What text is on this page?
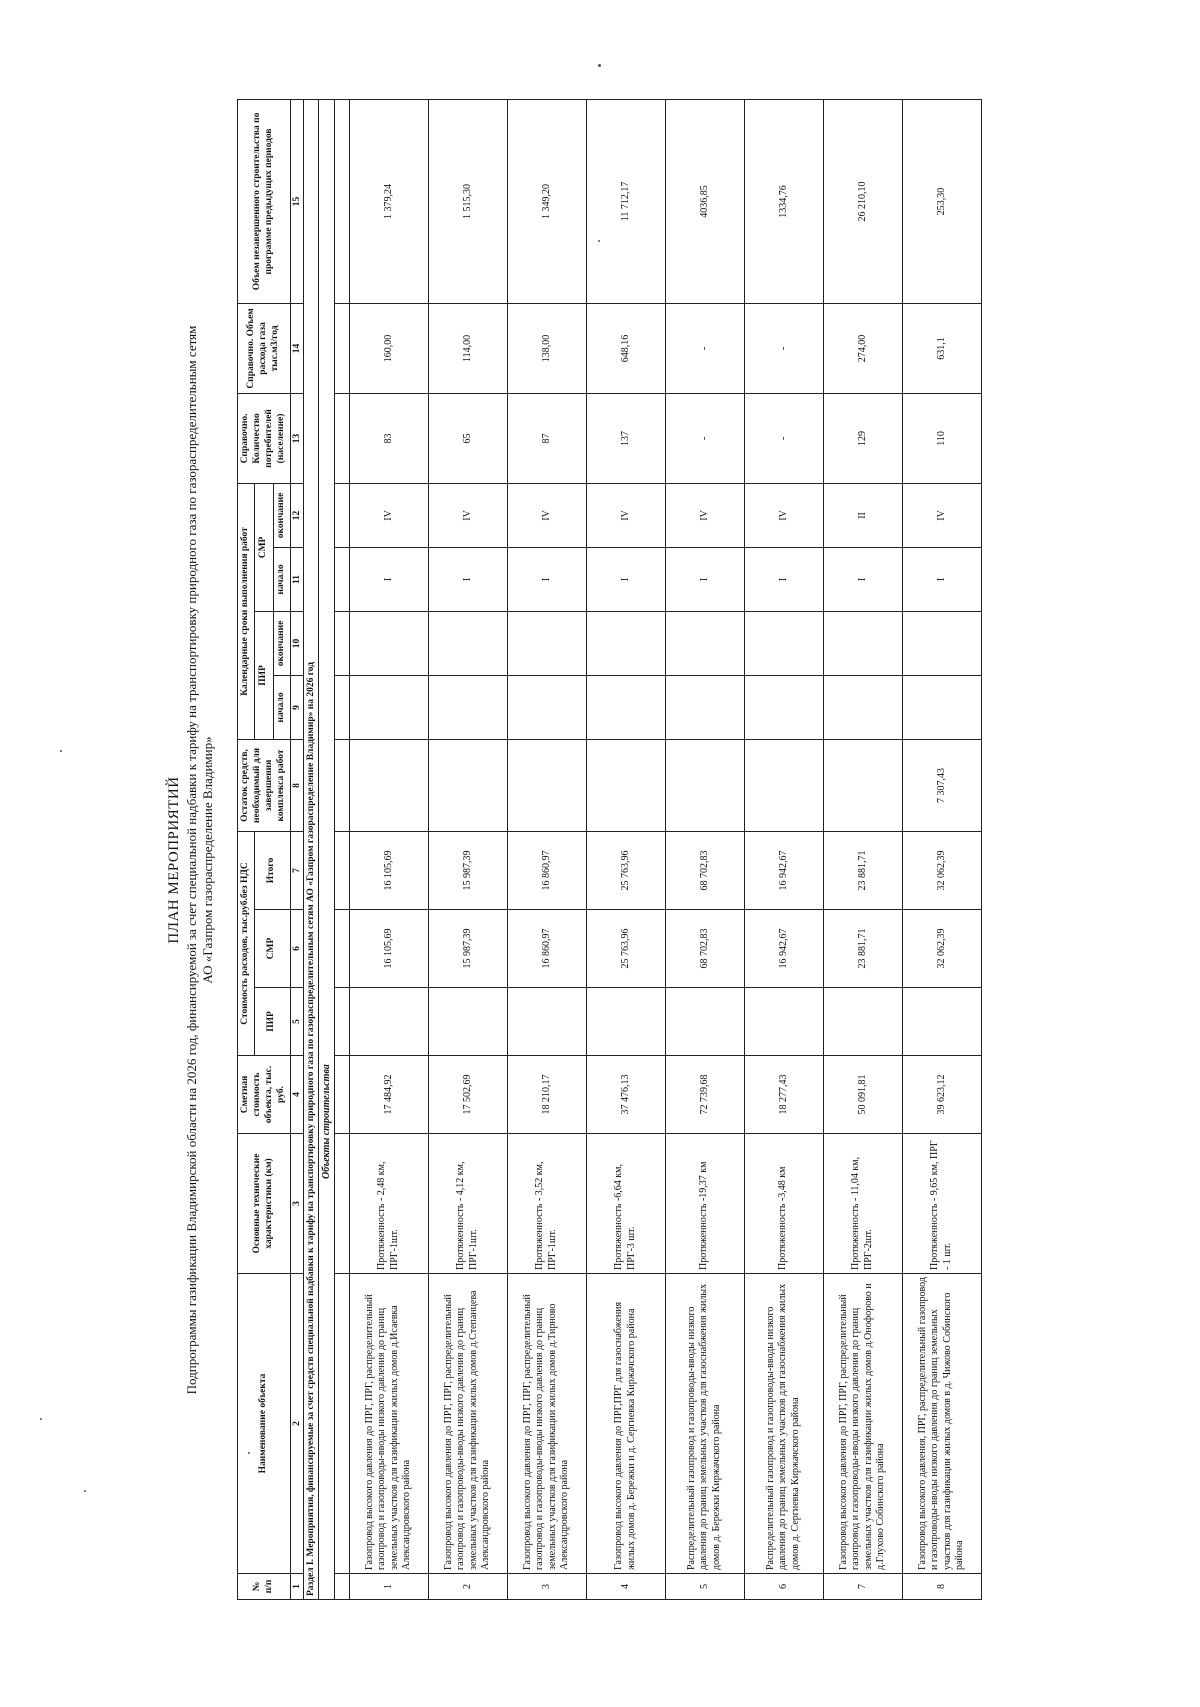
ПЛАН МЕРОПРИЯТИЙ Подпрограммы газификации Владимирской области на 2026 год, финансируемой за счет специальной надбавки к тарифу на транспортировку природного газа по газораспределительным сетям АО «Газпром газораспределение Владимир»
№ п/п	Наименование объекта	Основные технические характеристики (км)	Сметная стоимость объекта, тыс. руб.	Стоимость расходов, тыс.руб.без НДС			Остаток средств, необходимый для завершения комплекса работ	Календарные сроки выполнения работ				Справочно. Количество потребителей (население)	Справочно. Объем расхода газа тыс.м3/год	Объем незавершенного строительства по программе предыдущих периодов
				ПИР	СМР	Итого		ПИР		СМР				
								начало	окончание	начало	окончание			
1	2	3	4	5	6	7	8	9	10	11	12	13	14	15
Раздел I. Мероприятия, финансируемые за счет средств специальной надбавки к тарифу на транспортировку природного газа по газораспределительным сетям АО «Газпром газораспределение Владимир» на 2026 год														
Объекты строительства														

1	Газопровод высокого давления до ПРГ, ПРГ, распределительный газопровод и газопроводы-вводы низкого давления до границ земельных участков для газификации жилых домов д.Исаевка Александровского района	Протяженность - 2,48 км, ПРГ-1шт.	17 484,92		16 105,69	16 105,69				I	IV	83	160,00	1 379,24
2	Газопровод высокого давления до ПРГ, ПРГ, распределительный газопровод и газопроводы-вводы низкого давления до границ земельных участков для газификации жилых домов д.Степанцева Александровского района	Протяженность - 4,12 км, ПРГ-1шт.	17 502,69		15 987,39	15 987,39				I	IV	65	114,00	1 515,30
3	Газопровод высокого давления до ПРГ, ПРГ, распределительный газопровод и газопроводы-вводы низкого давления до границ земельных участков для газификации жилых домов д.Тирново Александровского района	Протяженность - 3,52 км, ПРГ-1шт.	18 210,17		16 860,97	16 860,97				I	IV	87	138,00	1 349,20
4	Газопровод высокого давления до ПРГ,ПРГ для газоснабжения жилых домов д. Бережки и д. Сергиевка Киржачского района	Протяженность -6,64 км, ПРГ-3 шт.	37 476,13		25 763,96	25 763,96				I	IV	137	648,16	11 712,17
5	Распределительный газопровод и газопроводы-вводы низкого давления до границ земельных участков для газоснабжения жилых домов д. Бережки Киржачского района	Протяженность -19,37 км	72 739,68		68 702,83	68 702,83				I	IV	-	-	4036,85
6	Распределительный газопровод и газопроводы-вводы низкого давления до границ земельных участков для газоснабжения жилых домов д. Сергиевка Киржачского района	Протяженность -3,48 км	18 277,43		16 942,67	16 942,67				I	IV	-	-	1334,76
7	Газопровод высокого давления до ПРГ, ПРГ, распределительный газопровод и газопроводы-вводы низкого давления до границ земельных участков для газификации жилых домов д.Онофорово и д.Глухово Собинского района	Протяженность - 11,04 км, ПРГ-2шт.	50 091,81		23 881,71	23 881,71				I	II	129	274,00	26 210,10
8	Газопровод высокого давления, ПРГ, распределительный газопровод и газопроводы-вводы низкого давления до границ земельных участков для газификации жилых домов в д. Чижово Собинского района	Протяженность - 9,65 км, ПРГ - 1 шт.	39 623,12		32 062,39	32 062,39	7 307,43			I	IV	110	631,1	253,30
